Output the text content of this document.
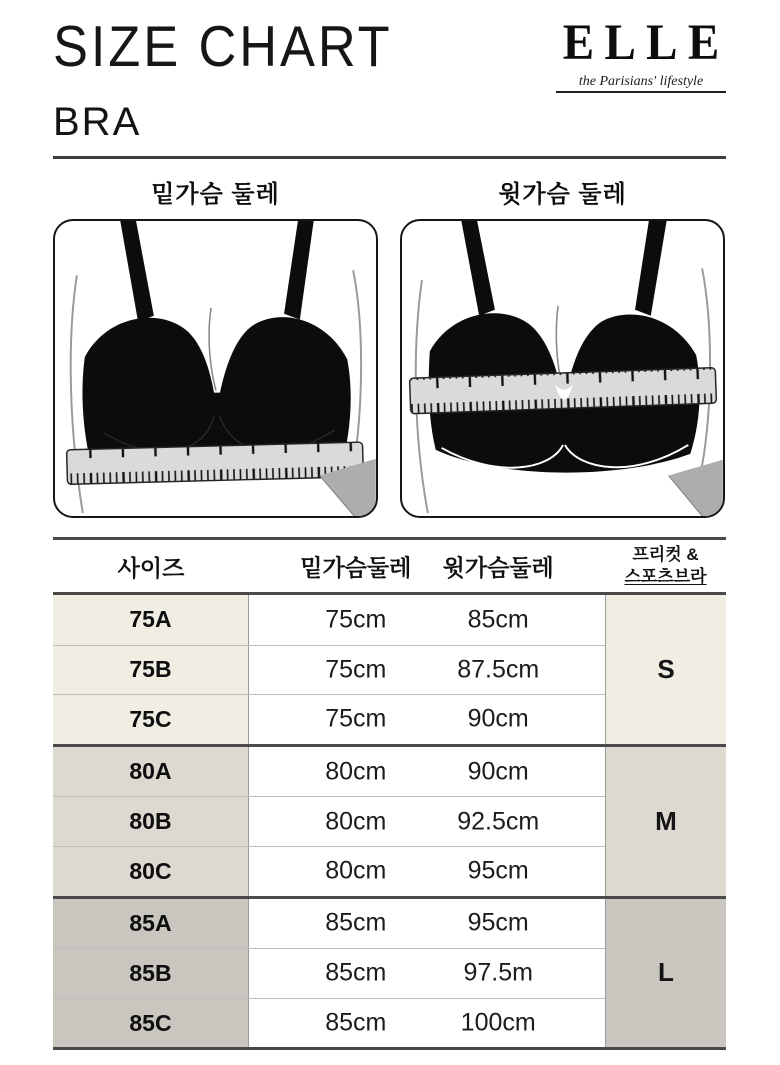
SIZE CHART	ELLE
the Parisians' lifestyle
BRA
밑가슴 둘레	윗가슴 둘레
사이즈	밑가슴둘레 윗가슴둘레
프리컷 &
스포츠브라
75A	75cm	85cm
75B	75cm	87.5cm
75C	75cm	90cm
S
80A	80cm	90cm
80B	80cm	92.5cm
80C	80cm	95cm
M
85A	85cm	95cm
85B	85cm	97.5m
85C	85cm	100cm
L
